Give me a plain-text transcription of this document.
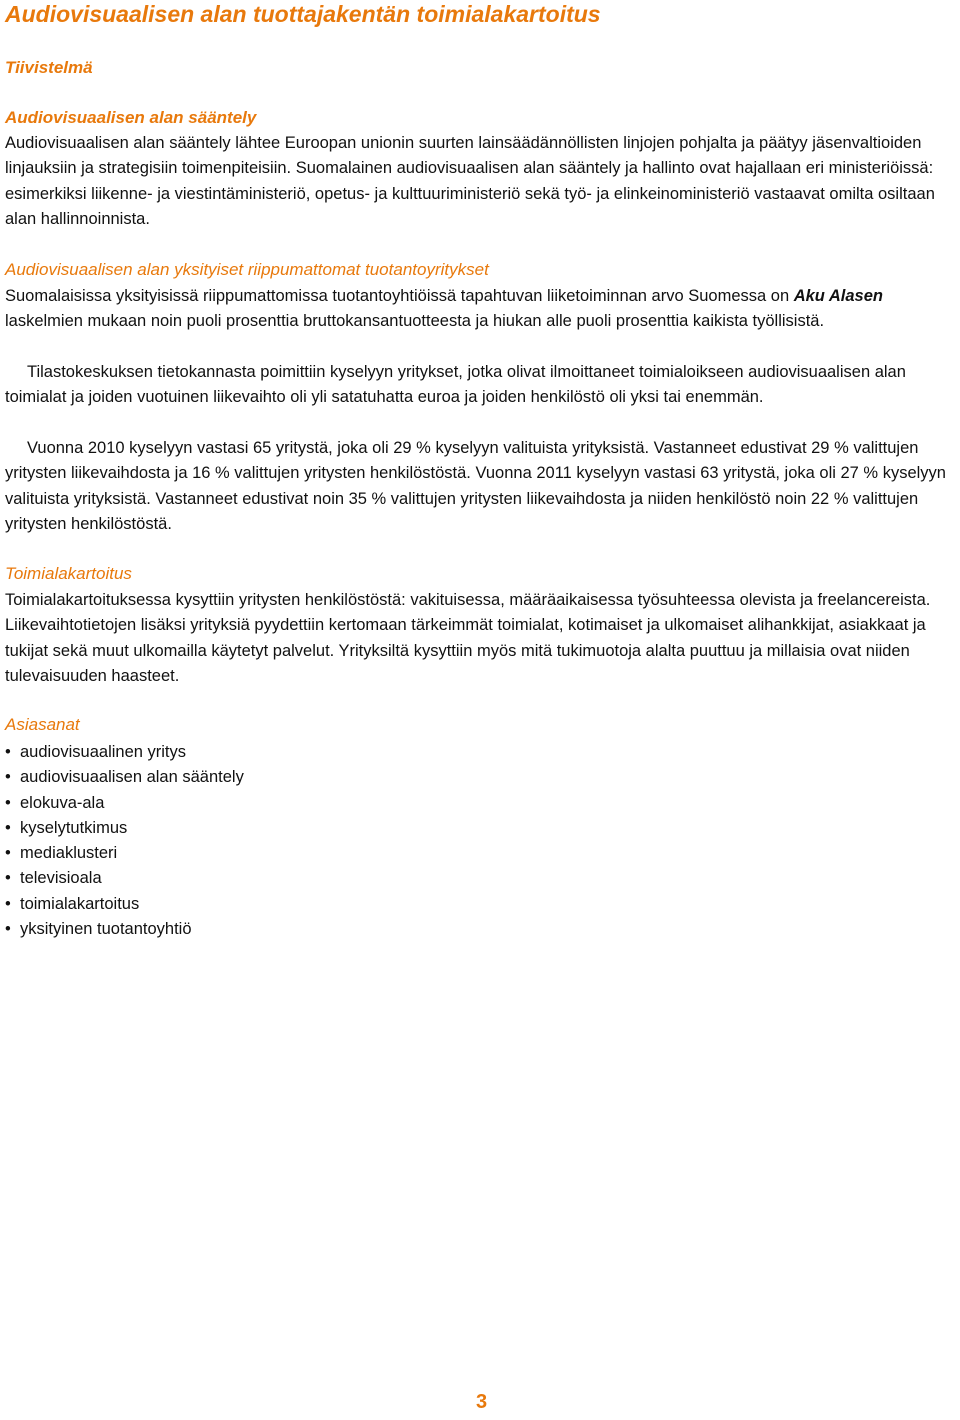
Audiovisuaalisen alan tuottajakentän toimialakartoitus
Tiivistelmä
Audiovisuaalisen alan sääntely

Audiovisuaalisen alan sääntely lähtee Euroopan unionin suurten lainsäädännöllisten linjojen pohjalta ja päätyy jäsenvaltioiden linjauksiin ja strategisiin toimenpiteisiin. Suomalainen audiovisuaalisen alan sääntely ja hallinto ovat hajallaan eri ministeriöissä: esimerkiksi liikenne- ja viestintäministeriö, opetus- ja kulttuuriministeriö sekä työ- ja elinkeinoministeriö vastaavat omilta osiltaan alan hallinnoinnista.

Audiovisuaalisen alan yksityiset riippumattomat tuotantoyritykset

Suomalaisissa yksityisissä riippumattomissa tuotantoyhtiöissä tapahtuvan liiketoiminnan arvo Suomessa on Aku Alasen laskelmien mukaan noin puoli prosenttia bruttokansantuotteesta ja hiukan alle puoli prosenttia kaikista työllisistä.

Tilastokeskuksen tietokannasta poimittiin kyselyyn yritykset, jotka olivat ilmoittaneet toimialoikseen audiovisuaalisen alan toimialat ja joiden vuotuinen liikevaihto oli yli satatuhatta euroa ja joiden henkilöstö oli yksi tai enemmän.

Vuonna 2010 kyselyyn vastasi 65 yritystä, joka oli 29 % kyselyyn valituista yrityksistä. Vastanneet edustivat 29 % valittujen yritysten liikevaihdosta ja 16 % valittujen yritysten henkilöstöstä. Vuonna 2011 kyselyyn vastasi 63 yritystä, joka oli 27 % kyselyyn valituista yrityksistä. Vastanneet edustivat noin 35 % valittujen yritysten liikevaihdosta ja niiden henkilöstö noin 22 % valittujen yritysten henkilöstöstä.

Toimialakartoitus

Toimialakartoituksessa kysyttiin yritysten henkilöstöstä: vakituisessa, määräaikaisessa työsuhteessa olevista ja freelancereista. Liikevaihtotietojen lisäksi yrityksiä pyydettiin kertomaan tärkeimmät toimialat, kotimaiset ja ulkomaiset alihankkijat, asiakkaat ja tukijat sekä muut ulkomailla käytetyt palvelut. Yrityksiltä kysyttiin myös mitä tukimuotoja alalta puuttuu ja millaisia ovat niiden tulevaisuuden haasteet.

Asiasanat
• audiovisuaalinen yritys
• audiovisuaalisen alan sääntely
• elokuva-ala
• kyselytutkimus
• mediaklusteri
• televisioala
• toimialakartoitus
• yksityinen tuotantoyhtiö
3
